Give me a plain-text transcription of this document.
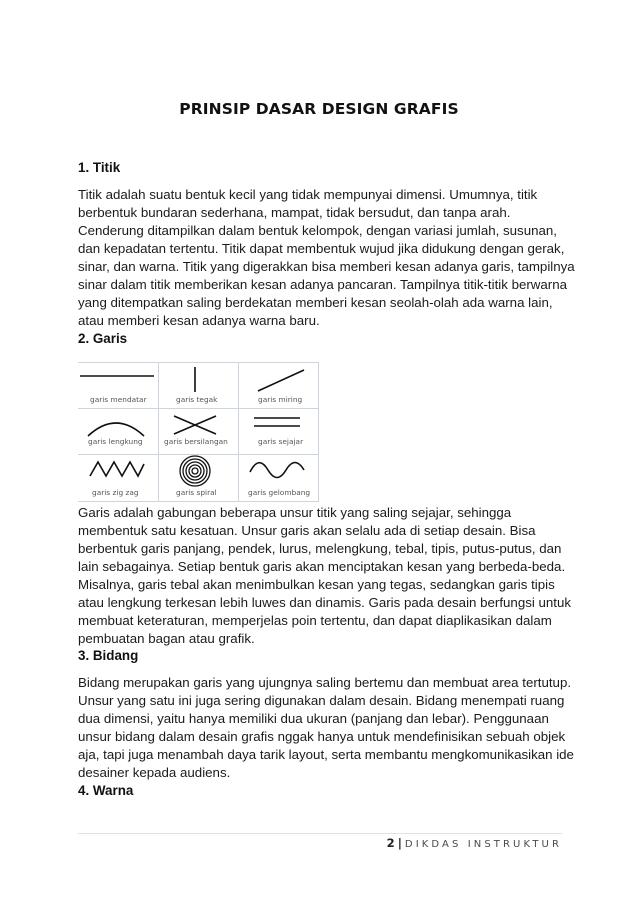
PRINSIP DASAR DESIGN GRAFIS
1. Titik

Titik adalah suatu bentuk kecil yang tidak mempunyai dimensi. Umumnya, titik berbentuk bundaran sederhana, mampat, tidak bersudut, dan tanpa arah. Cenderung ditampilkan dalam bentuk kelompok, dengan variasi jumlah, susunan, dan kepadatan tertentu. Titik dapat membentuk wujud jika didukung dengan gerak, sinar, dan warna. Titik yang digerakkan bisa memberi kesan adanya garis, tampilnya sinar dalam titik memberikan kesan adanya pancaran. Tampilnya titik-titik berwarna yang ditempatkan saling berdekatan memberi kesan seolah-olah ada warna lain, atau memberi kesan adanya warna baru.

2. Garis
garis mendatar	garis tegak	garis miring
garis lengkung	garis bersilangan	garis sejajar
garis zig zag	garis spiral	garis gelombang

Garis adalah gabungan beberapa unsur titik yang saling sejajar, sehingga membentuk satu kesatuan. Unsur garis akan selalu ada di setiap desain. Bisa berbentuk garis panjang, pendek, lurus, melengkung, tebal, tipis, putus-putus, dan lain sebagainya. Setiap bentuk garis akan menciptakan kesan yang berbeda-beda. Misalnya, garis tebal akan menimbulkan kesan yang tegas, sedangkan garis tipis atau lengkung terkesan lebih luwes dan dinamis. Garis pada desain berfungsi untuk membuat keteraturan, memperjelas poin tertentu, dan dapat diaplikasikan dalam pembuatan bagan atau grafik.

3. Bidang

Bidang merupakan garis yang ujungnya saling bertemu dan membuat area tertutup. Unsur yang satu ini juga sering digunakan dalam desain. Bidang menempati ruang dua dimensi, yaitu hanya memiliki dua ukuran (panjang dan lebar). Penggunaan unsur bidang dalam desain grafis nggak hanya untuk mendefinisikan sebuah objek aja, tapi juga menambah daya tarik layout, serta membantu mengkomunikasikan ide desainer kepada audiens.

4. Warna
2 | DIKDAS INSTRUKTUR
